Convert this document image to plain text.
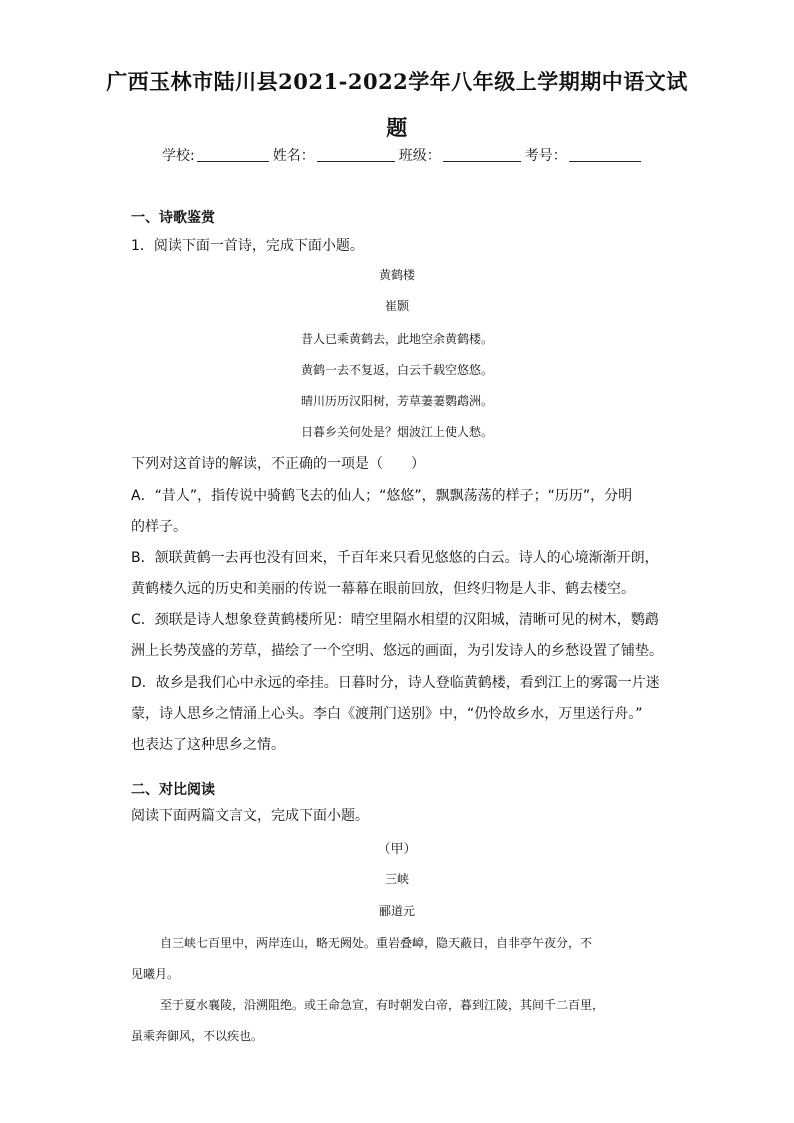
广西玉林市陆川县2021-2022学年八年级上学期期中语文试
题
学校:	姓名：	班级：	考号：
一、诗歌鉴赏
1．阅读下面一首诗，完成下面小题。
黄鹤楼
崔颢
昔人已乘黄鹤去，此地空余黄鹤楼。
黄鹤一去不复返，白云千载空悠悠。
晴川历历汉阳树，芳草萋萋鹦鹉洲。
日暮乡关何处是？烟波江上使人愁。
下列对这首诗的解读，不正确的一项是（　　）
A．“昔人”，指传说中骑鹤飞去的仙人；“悠悠”，飘飘荡荡的样子；“历历”，分明
的样子。
B．颔联黄鹤一去再也没有回来，千百年来只看见悠悠的白云。诗人的心境渐渐开朗，
黄鹤楼久远的历史和美丽的传说一幕幕在眼前回放，但终归物是人非、鹤去楼空。
C．颈联是诗人想象登黄鹤楼所见：晴空里隔水相望的汉阳城，清晰可见的树木，鹦鹉
洲上长势茂盛的芳草，描绘了一个空明、悠远的画面，为引发诗人的乡愁设置了铺垫。
D．故乡是我们心中永远的牵挂。日暮时分，诗人登临黄鹤楼，看到江上的雾霭一片迷
蒙，诗人思乡之情涌上心头。李白《渡荆门送别》中，“仍怜故乡水，万里送行舟。”
也表达了这种思乡之情。
二、对比阅读
阅读下面两篇文言文，完成下面小题。
（甲）
三峡
郦道元
自三峡七百里中，两岸连山，略无阙处。重岩叠嶂，隐天蔽日，自非亭午夜分，不
见曦月。
至于夏水襄陵，沿溯阻绝。或王命急宣，有时朝发白帝，暮到江陵，其间千二百里，
虽乘奔御风，不以疾也。
